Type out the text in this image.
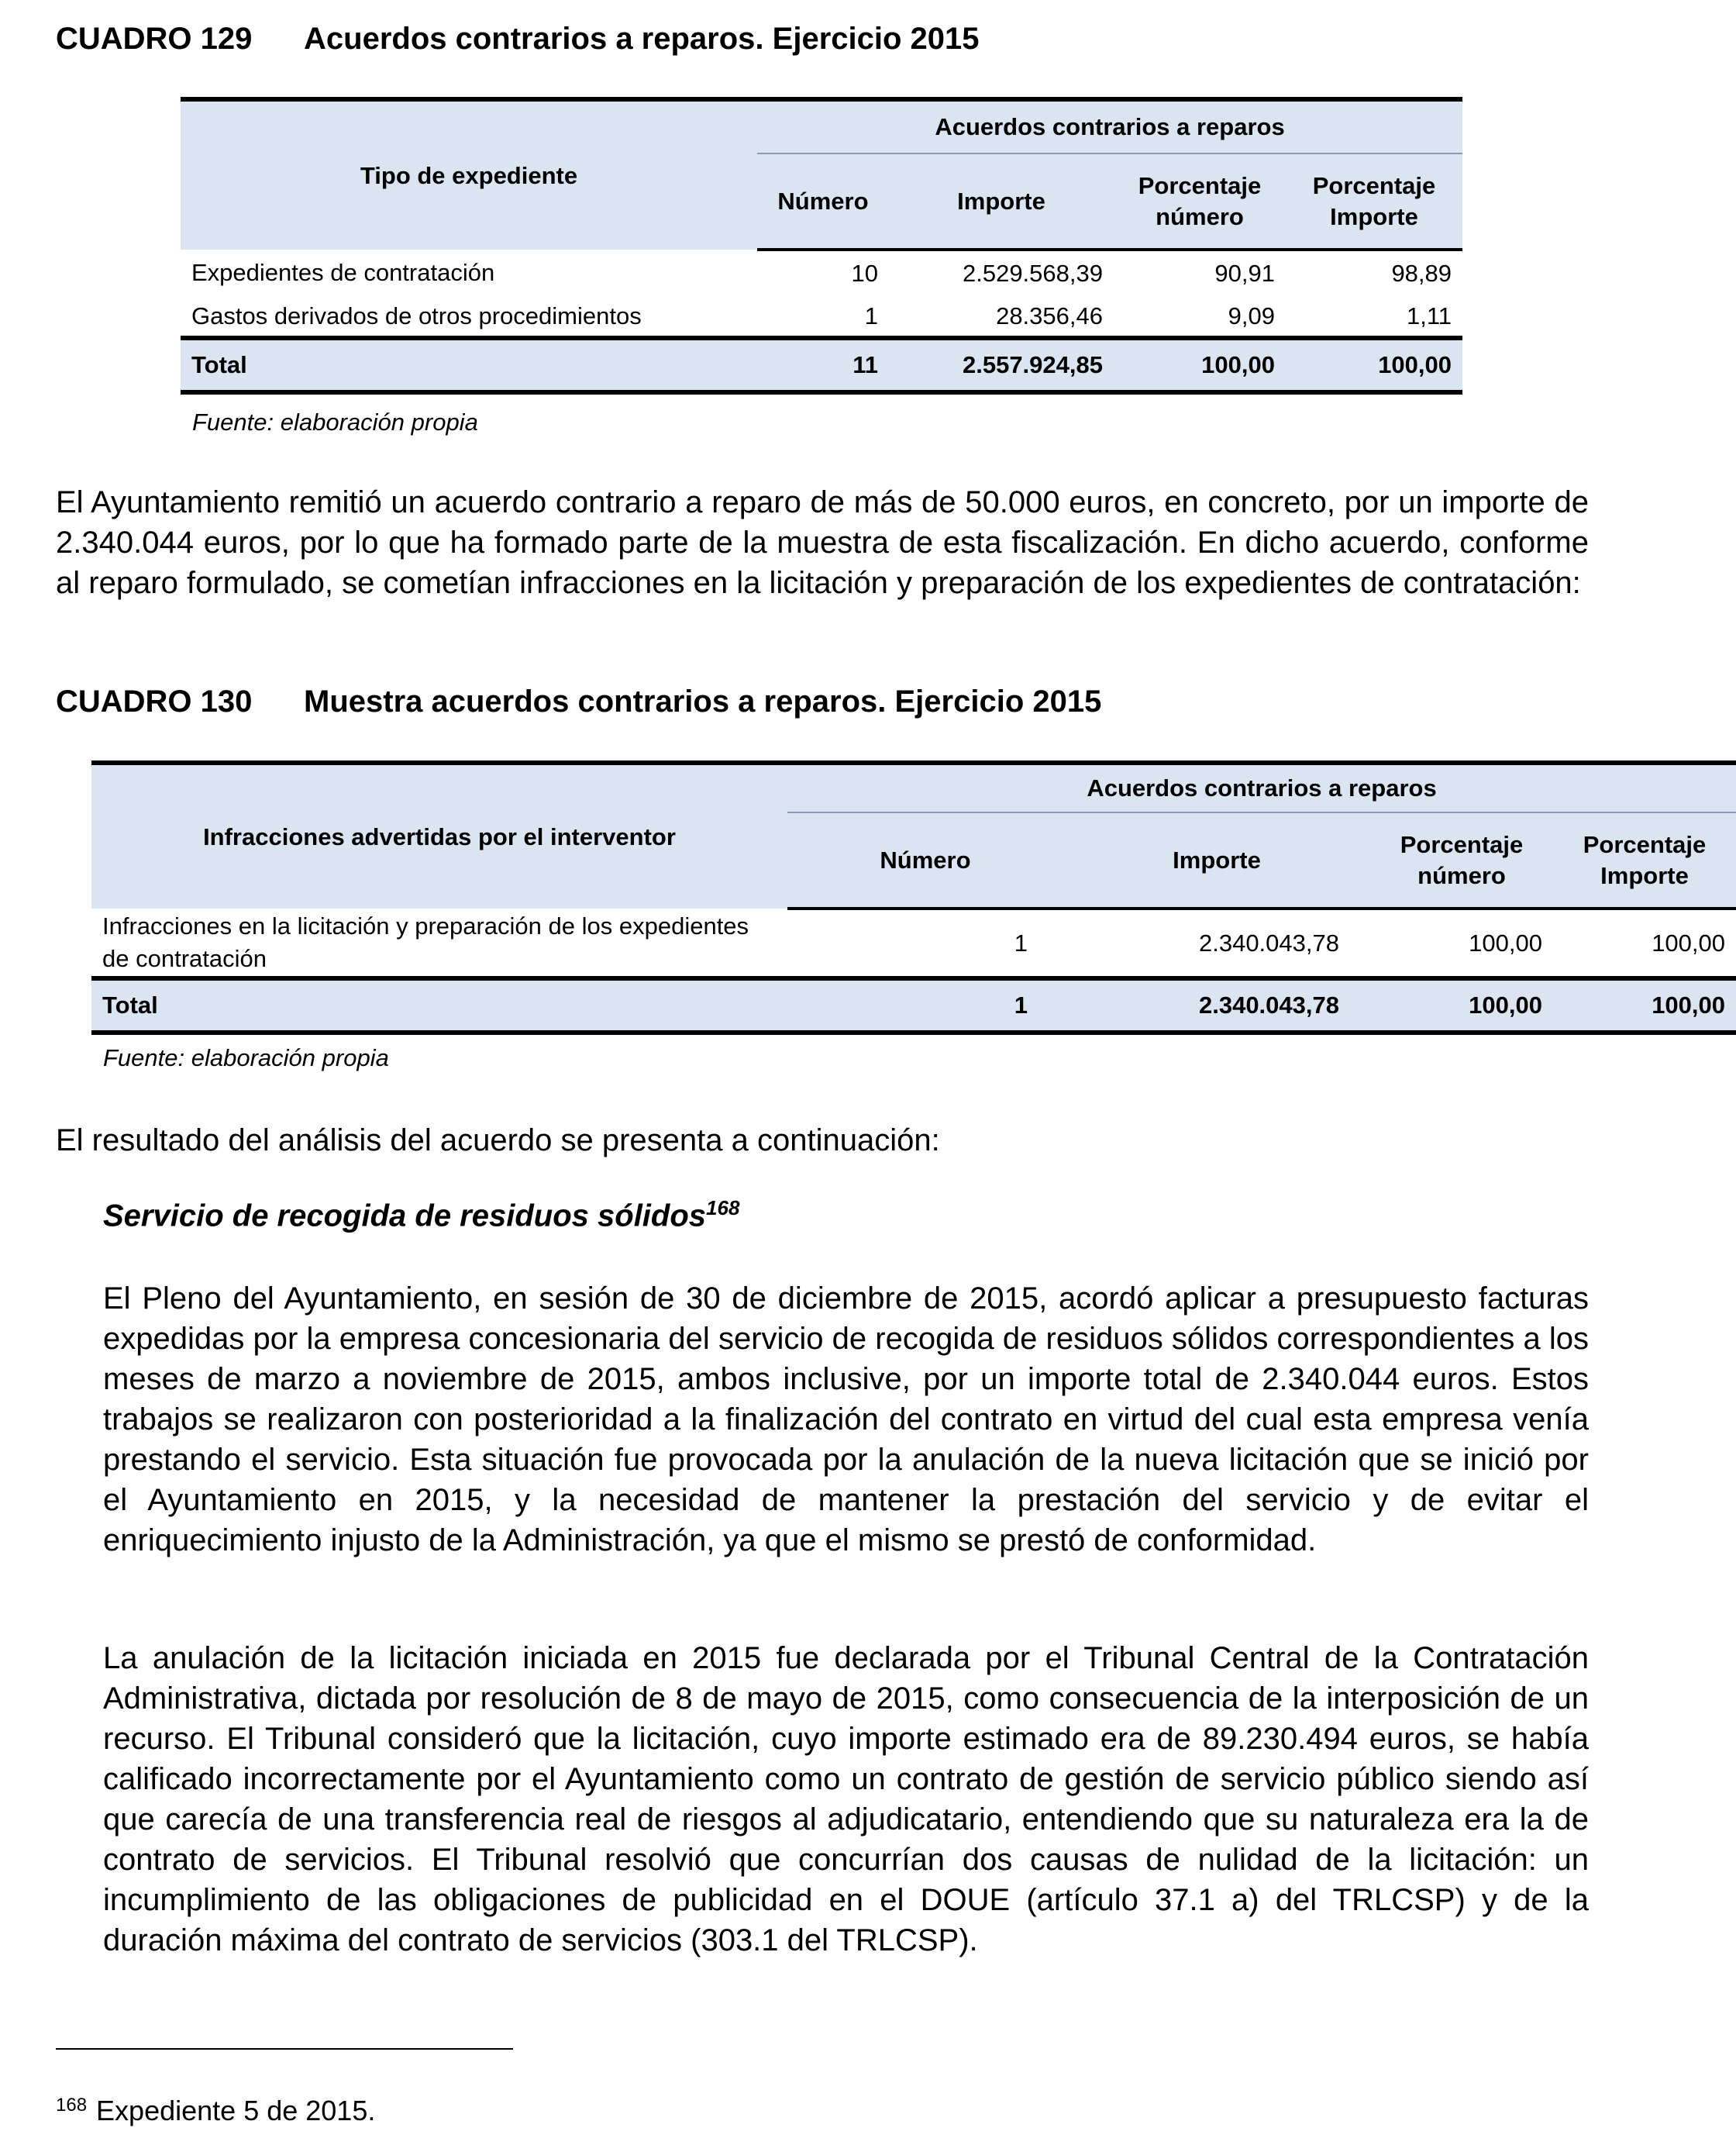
CUADRO 129 Acuerdos contrarios a reparos. Ejercicio 2015
Tipo de expediente	Acuerdos contrarios a reparos			
	Número	Importe	Porcentaje número	Porcentaje Importe
Expedientes de contratación	10	2.529.568,39	90,91	98,89
Gastos derivados de otros procedimientos	1	28.356,46	9,09	1,11
Total	11	2.557.924,85	100,00	100,00
Fuente: elaboración propia

El Ayuntamiento remitió un acuerdo contrario a reparo de más de 50.000 euros, en concreto, por un importe de 2.340.044 euros, por lo que ha formado parte de la muestra de esta fiscalización. En dicho acuerdo, conforme al reparo formulado, se cometían infracciones en la licitación y preparación de los expedientes de contratación:

CUADRO 130 Muestra acuerdos contrarios a reparos. Ejercicio 2015
Infracciones advertidas por el interventor	Acuerdos contrarios a reparos			
	Número	Importe	Porcentaje número	Porcentaje Importe
Infracciones en la licitación y preparación de los expedientes de contratación	1	2.340.043,78	100,00	100,00
Total	1	2.340.043,78	100,00	100,00
Fuente: elaboración propia

El resultado del análisis del acuerdo se presenta a continuación:

Servicio de recogida de residuos sólidos$^{168}$

El Pleno del Ayuntamiento, en sesión de 30 de diciembre de 2015, acordó aplicar a presupuesto facturas expedidas por la empresa concesionaria del servicio de recogida de residuos sólidos correspondientes a los meses de marzo a noviembre de 2015, ambos inclusive, por un importe total de 2.340.044 euros. Estos trabajos se realizaron con posterioridad a la finalización del contrato en virtud del cual esta empresa venía prestando el servicio. Esta situación fue provocada por la anulación de la nueva licitación que se inició por el Ayuntamiento en 2015, y la necesidad de mantener la prestación del servicio y de evitar el enriquecimiento injusto de la Administración, ya que el mismo se prestó de conformidad.

La anulación de la licitación iniciada en 2015 fue declarada por el Tribunal Central de la Contratación Administrativa, dictada por resolución de 8 de mayo de 2015, como consecuencia de la interposición de un recurso. El Tribunal consideró que la licitación, cuyo importe estimado era de 89.230.494 euros, se había calificado incorrectamente por el Ayuntamiento como un contrato de gestión de servicio público siendo así que carecía de una transferencia real de riesgos al adjudicatario, entendiendo que su naturaleza era la de contrato de servicios. El Tribunal resolvió que concurrían dos causas de nulidad de la licitación: un incumplimiento de las obligaciones de publicidad en el DOUE (artículo 37.1 a) del TRLCSP) y de la duración máxima del contrato de servicios (303.1 del TRLCSP).

$^{168}$ Expediente 5 de 2015.
